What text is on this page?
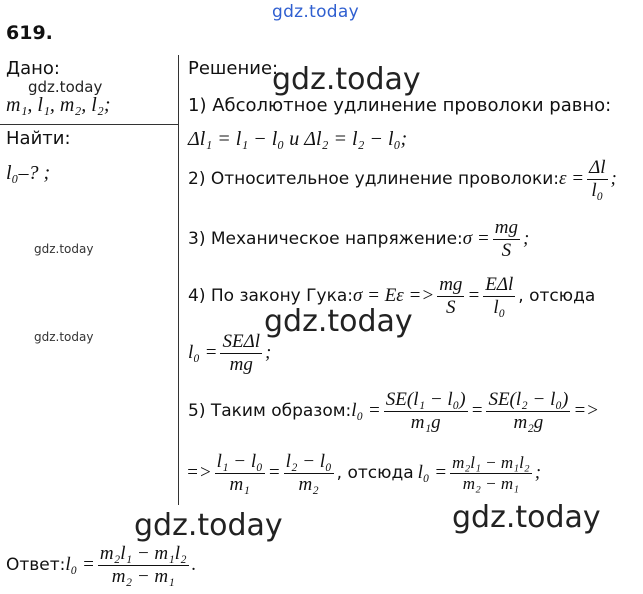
gdz.today
gdz.today
gdz.today
gdz.today
gdz.today	gdz.today
gdz.today	gdz.today
619.
Дано:
m₁, l₁, m₂, l₂;
Найти:
l₀–? ;
Решение:
1) Абсолютное удлинение проволоки равно:
Δl₁ = l₁ − l₀ и Δl₂ = l₂ − l₀;
2) Относительное удлинение проволоки: $\varepsilon = \frac{\Delta l}{\text{l₀}}$ ;
3) Механическое напряжение: $\sigma = \frac{mg}{S}$ ;
4) По закону Гука: $\sigma = E\varepsilon => \frac{mg}{S} = \frac{\text{EΔl}}{\text{l₀}}$ , отсюда
$l_0 = \frac{\text{SEΔl}}{mg}$ ;
5) Таким образом: $l_0 = \frac{\text{SE(l₁ − l₀)}}{\text{m₁g}} = \frac{\text{SE(l₂ − l₀)}}{\text{m₂g}}$ =>
=> $\frac{\text{l₁ − l₀}}{\text{m₁}} = \frac{\text{l₂ − l₀}}{\text{m₂}}$ , отсюда $l_0 = \frac{\text{m₂l₁ − m₁l₂}}{\text{m₂ − m₁}}$ ;
Ответ: $l_0 = \frac{\text{m₂l₁ − m₁l₂}}{\text{m₂ − m₁}}$ .
